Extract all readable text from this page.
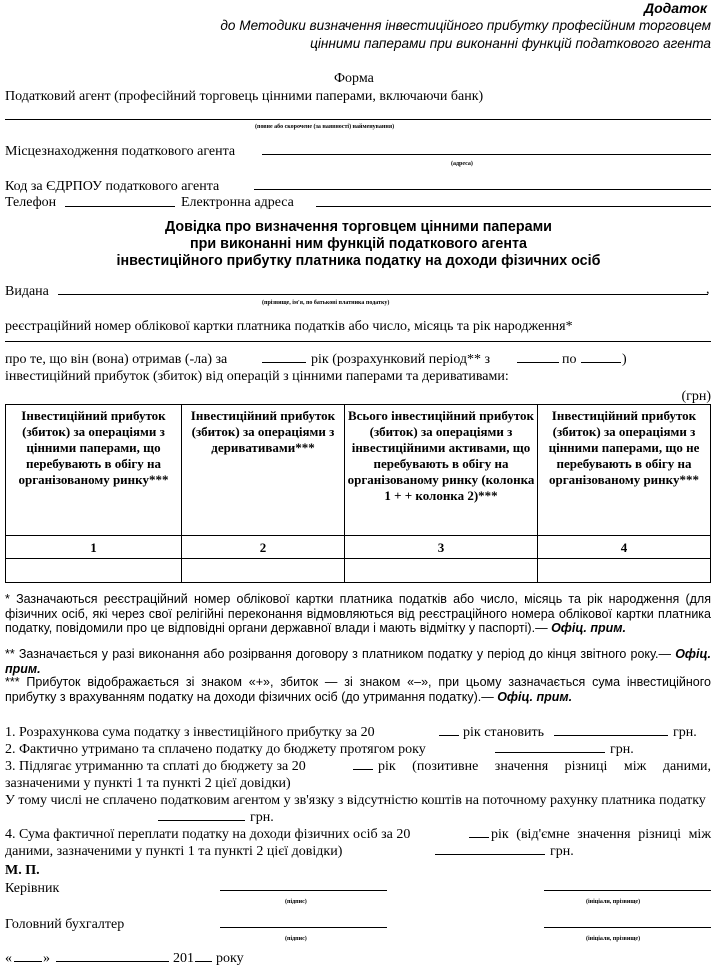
Додаток
до Методики визначення інвестиційного прибутку професійним торговцем
цінними паперами при виконанні функцій податкового агента
Форма
Податковий агент (професійний торговець цінними паперами, включаючи банк)
(повне або скорочене (за наявності) найменування)
Місцезнаходження податкового агента
(адреса)
Код за ЄДРПОУ податкового агента
Телефон	Електронна адреса
Довідка про визначення торговцем цінними паперами
при виконанні ним функцій податкового агента
інвестиційного прибутку платника податку на доходи фізичних осіб
Видана	,
(прізвище, ім'я, по батькові платника податку)
реєстраційний номер облікової картки платника податків або число, місяць та рік народження*
про те, що він (вона) отримав (-ла) за	рік (розрахунковий період** з	по	) інвестиційний прибуток (збиток) від операцій з цінними паперами та деривативами:
(грн)
Інвестиційний прибуток (збиток) за операціями з цінними паперами, що перебувають в обігу на організованому ринку***	Інвестиційний прибуток (збиток) за операціями з деривативами***	Всього інвестиційний прибуток (збиток) за операціями з інвестиційними активами, що перебувають в обігу на організованому ринку (колонка 1 + + колонка 2)***	Інвестиційний прибуток (збиток) за операціями з цінними паперами, що не перебувають в обігу на організованому ринку***
1	2	3	4

* Зазначаються реєстраційний номер облікової картки платника податків або число, місяць та рік народження (для фізичних осіб, які через свої релігійні переконання відмовляються від реєстраційного номера облікової картки платника податку, повідомили про це відповідні органи державної влади і мають відмітку у паспорті).— Офіц. прим.
** Зазначається у разі виконання або розірвання договору з платником податку у період до кінця звітного року.— Офіц. прим.
*** Прибуток відображається зі знаком «+», збиток — зі знаком «–», при цьому зазначається сума інвестиційного прибутку з врахуванням податку на доходи фізичних осіб (до утримання податку).— Офіц. прим.
1. Розрахункова сума податку з інвестиційного прибутку за 20	рік становить	грн.
2. Фактично утримано та сплачено податку до бюджету протягом року	грн.
3. Підлягає утриманню та сплаті до бюджету за 20	рік (позитивне значення різниці між даними, зазначеними у пункті 1 та пункті 2 цієї довідки)
У тому числі не сплачено податковим агентом у зв'язку з відсутністю коштів на поточному рахунку платника податку
грн.
4. Сума фактичної переплати податку на доходи фізичних осіб за 20	рік (від'ємне значення різниці між даними, зазначеними у пункті 1 та пункті 2 цієї довідки)	грн.
М. П.
Керівник
(підпис)	(ініціали, прізвище)
Головний бухгалтер
(підпис)	(ініціали, прізвище)
« »	201 року
